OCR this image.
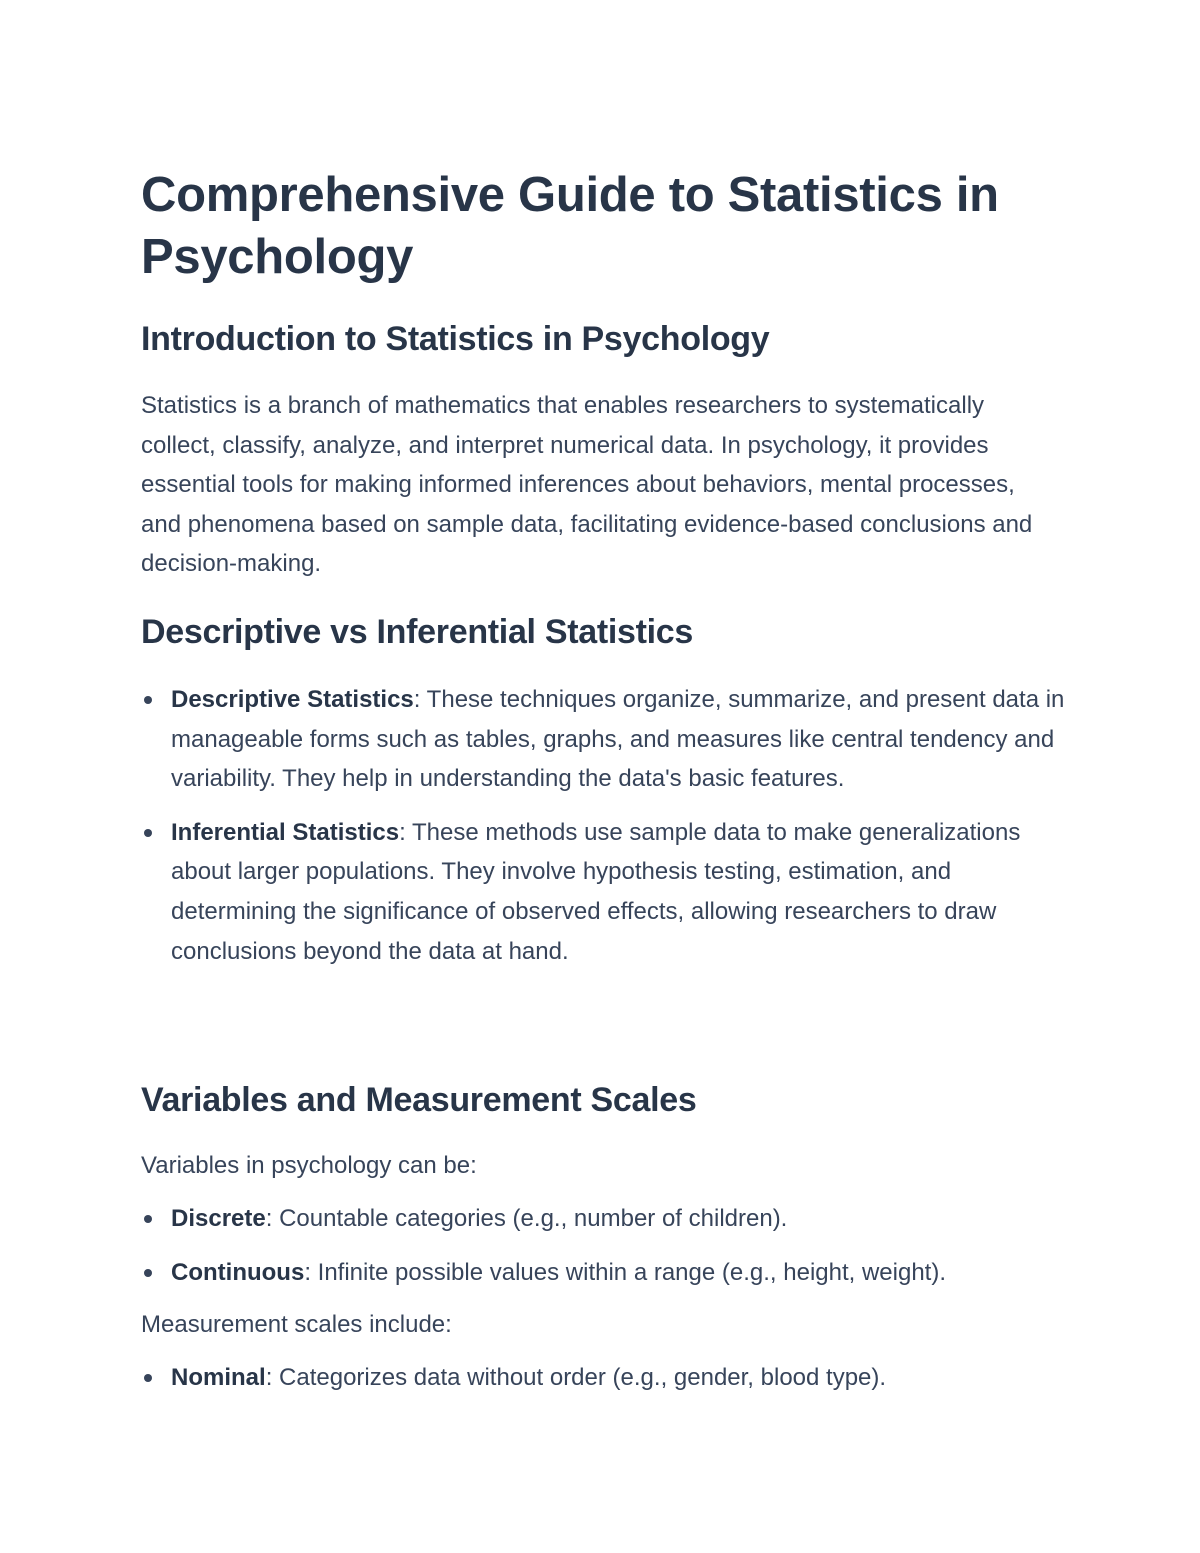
Comprehensive Guide to Statistics in Psychology
Introduction to Statistics in Psychology

Statistics is a branch of mathematics that enables researchers to systematically collect, classify, analyze, and interpret numerical data. In psychology, it provides essential tools for making informed inferences about behaviors, mental processes, and phenomena based on sample data, facilitating evidence-based conclusions and decision-making.

Descriptive vs Inferential Statistics
Descriptive Statistics: These techniques organize, summarize, and present data in manageable forms such as tables, graphs, and measures like central tendency and variability. They help in understanding the data's basic features.
Inferential Statistics: These methods use sample data to make generalizations about larger populations. They involve hypothesis testing, estimation, and determining the significance of observed effects, allowing researchers to draw conclusions beyond the data at hand.
Variables and Measurement Scales

Variables in psychology can be:

Discrete: Countable categories (e.g., number of children).
Continuous: Infinite possible values within a range (e.g., height, weight).

Measurement scales include:

Nominal: Categorizes data without order (e.g., gender, blood type).
